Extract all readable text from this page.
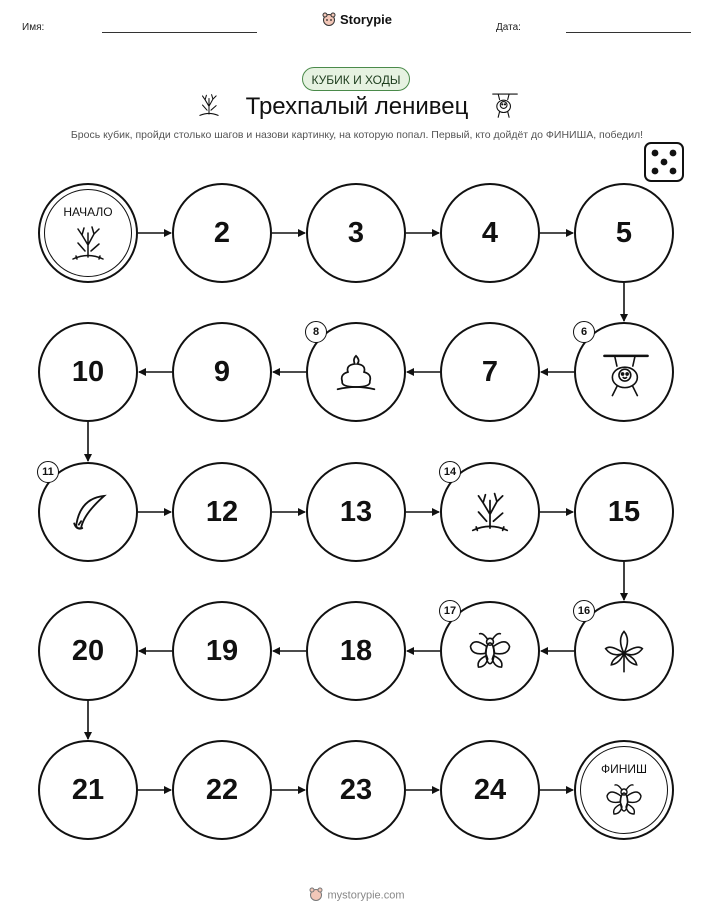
Имя:
Storypie
Дата:
КУБИК И ХОДЫ
Трехпалый ленивец
Брось кубик, пройди столько шагов и назови картинку, на которую попал. Первый, кто дойдёт до ФИНИША, победил!
НАЧАЛО
2	3	4	5
6
7
8
9
10
11
12	13
14
15
16
17
18
19
20
21	22	23	24
ФИНИШ
mystorypie.com
